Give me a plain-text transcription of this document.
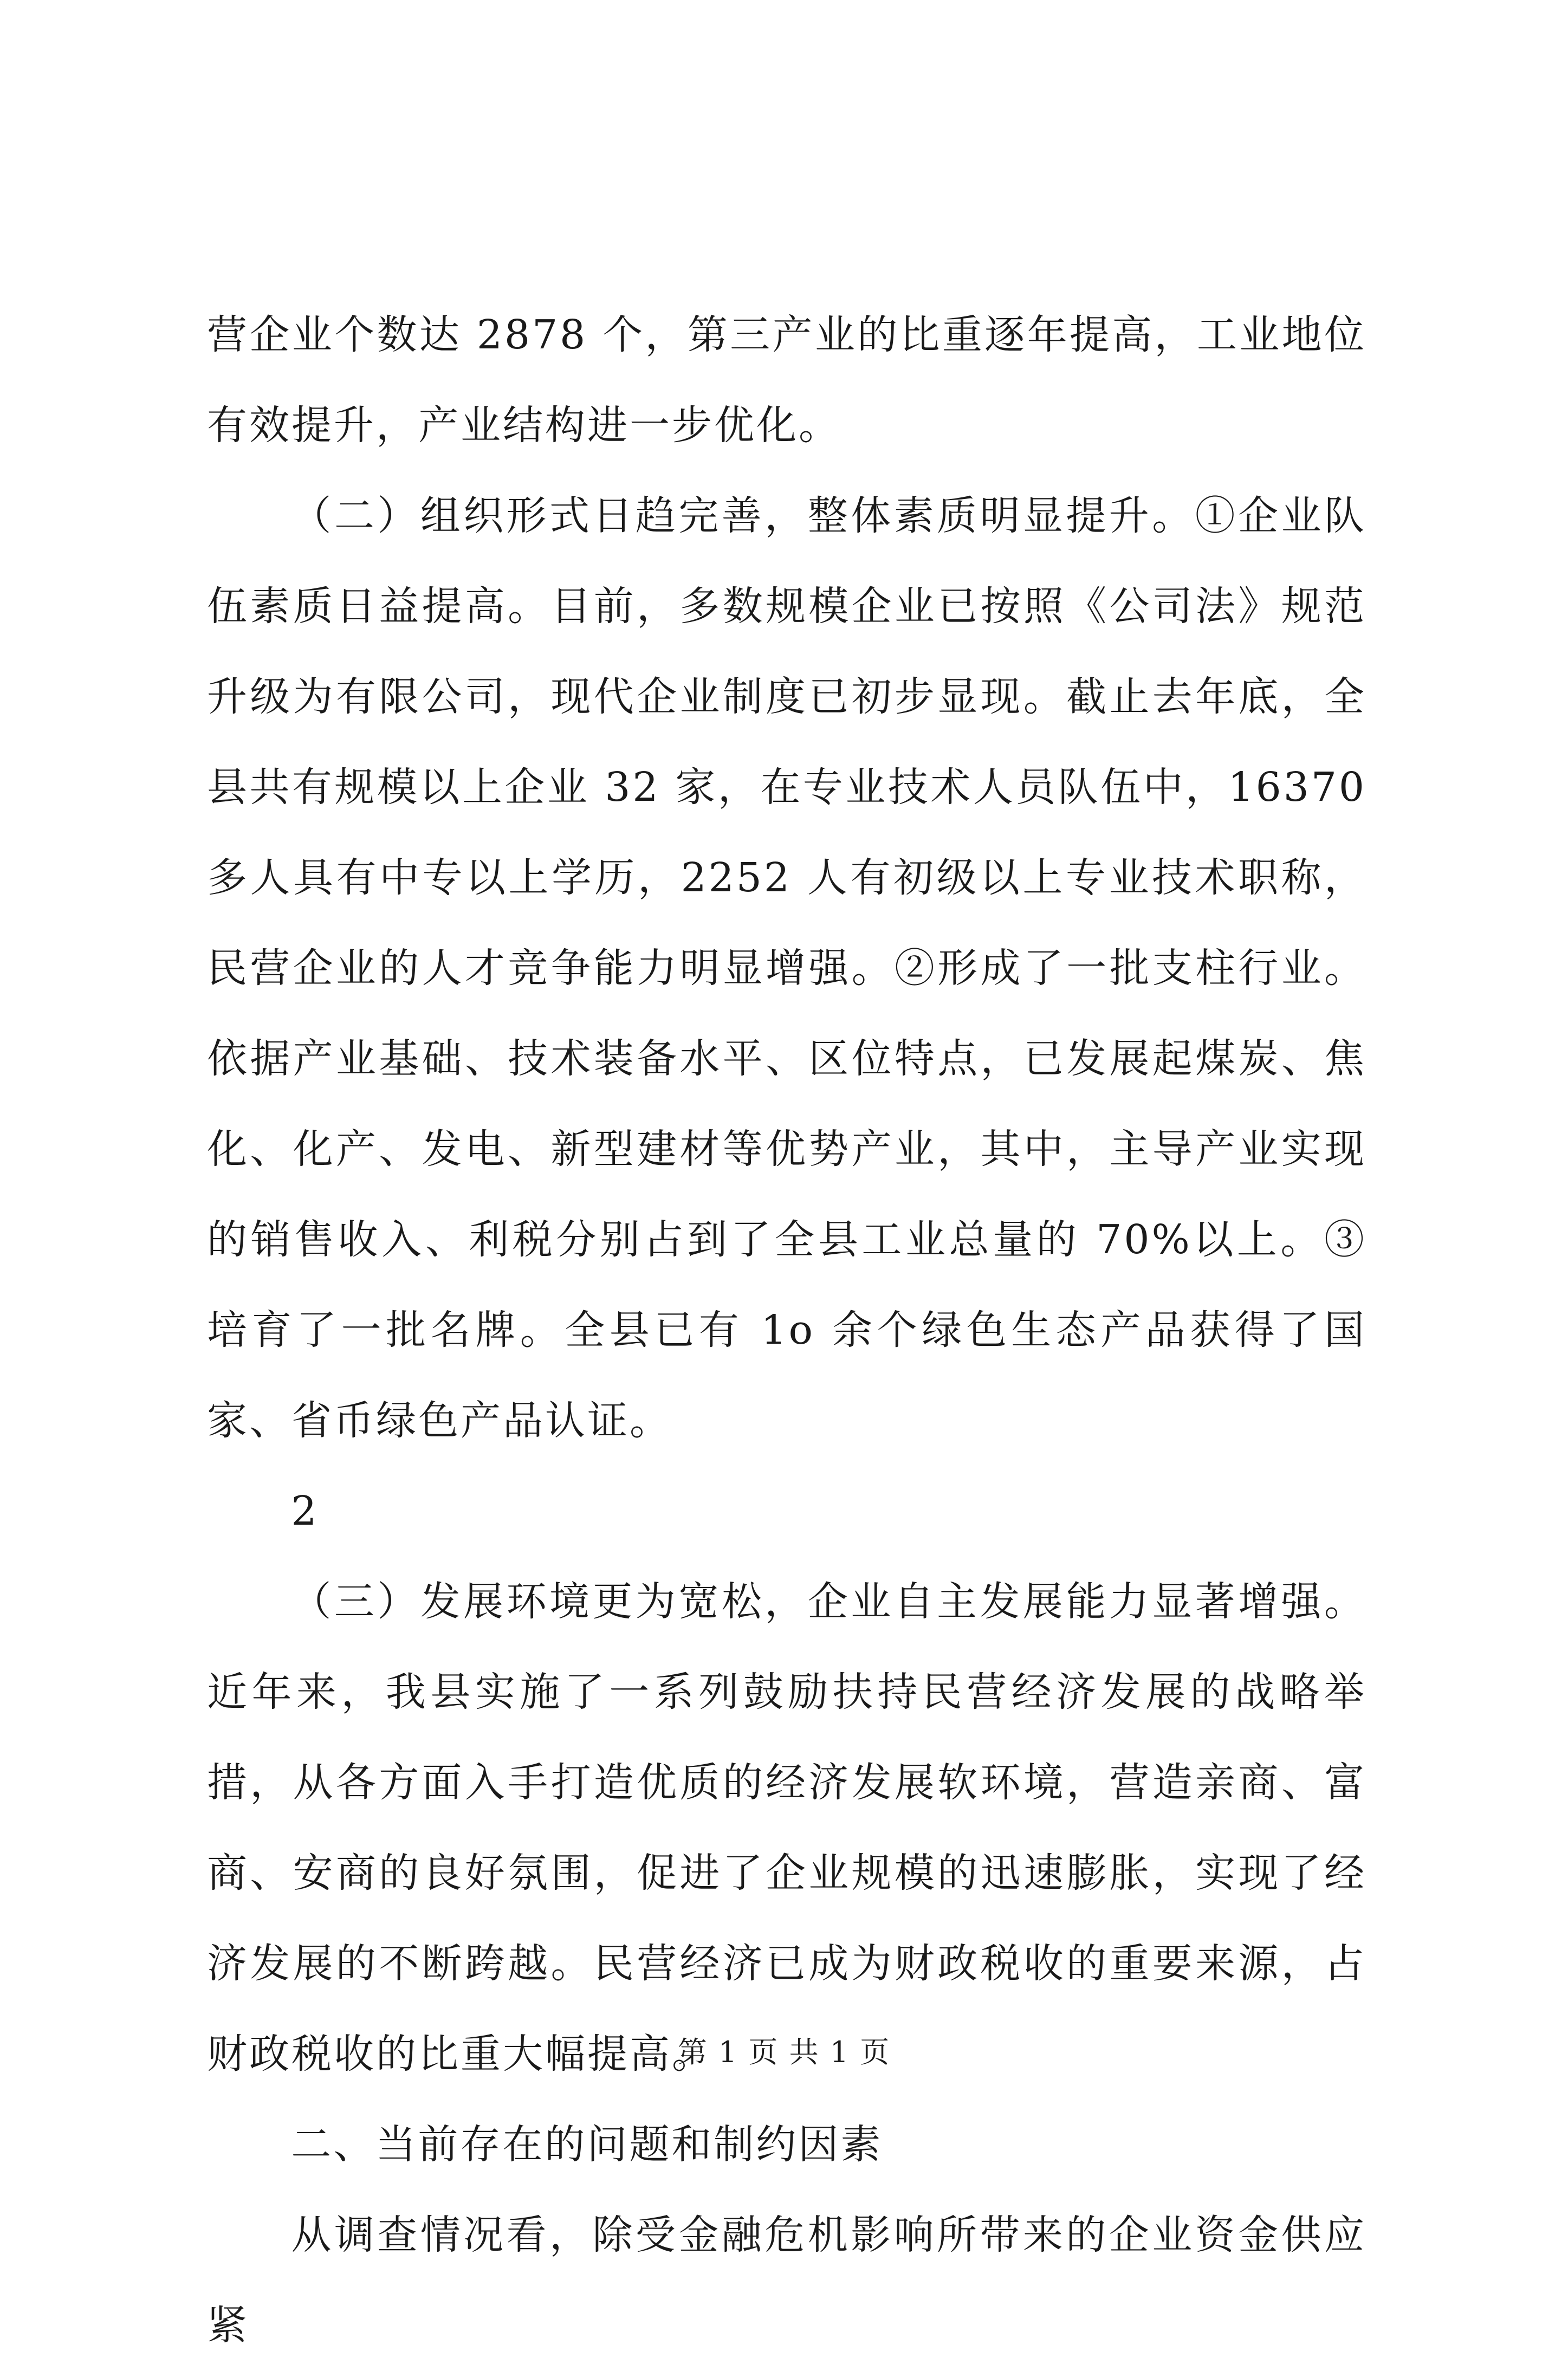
营企业个数达 2878 个，第三产业的比重逐年提高，工业地位有效提升，产业结构进一步优化。

（二）组织形式日趋完善，整体素质明显提升。①企业队伍素质日益提高。目前，多数规模企业已按照《公司法》规范升级为有限公司，现代企业制度已初步显现。截止去年底，全县共有规模以上企业 32 家，在专业技术人员队伍中，16370 多人具有中专以上学历，2252 人有初级以上专业技术职称，民营企业的人才竞争能力明显增强。②形成了一批支柱行业。依据产业基础、技术装备水平、区位特点，已发展起煤炭、焦化、化产、发电、新型建材等优势产业，其中，主导产业实现的销售收入、利税分别占到了全县工业总量的 70%以上。③培育了一批名牌。全县已有 1o 余个绿色生态产品获得了国家、省币绿色产品认证。

2

（三）发展环境更为宽松，企业自主发展能力显著增强。近年来，我县实施了一系列鼓励扶持民营经济发展的战略举措，从各方面入手打造优质的经济发展软环境，营造亲商、富商、安商的良好氛围，促进了企业规模的迅速膨胀，实现了经济发展的不断跨越。民营经济已成为财政税收的重要来源，占财政税收的比重大幅提高。

二、当前存在的问题和制约因素

从调查情况看，除受金融危机影响所带来的企业资金供应紧

第 1 页 共 1 页
